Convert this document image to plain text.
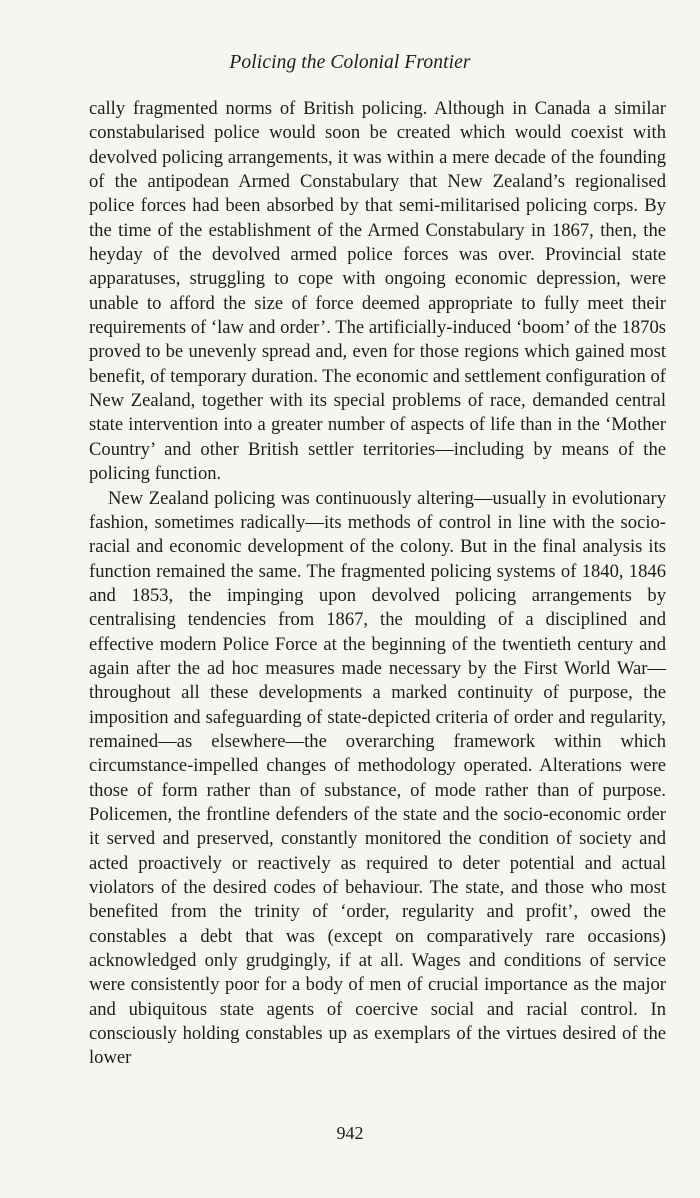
Policing the Colonial Frontier

cally fragmented norms of British policing. Although in Canada a similar constabularised police would soon be created which would coexist with devolved policing arrangements, it was within a mere decade of the founding of the antipodean Armed Constabulary that New Zealand’s regionalised police forces had been absorbed by that semi-militarised policing corps. By the time of the establishment of the Armed Constabulary in 1867, then, the heyday of the devolved armed police forces was over. Provincial state apparatuses, struggling to cope with ongoing economic depression, were unable to afford the size of force deemed appropriate to fully meet their requirements of ‘law and order’. The artificially-induced ‘boom’ of the 1870s proved to be unevenly spread and, even for those regions which gained most benefit, of temporary duration. The economic and settlement configuration of New Zealand, together with its special problems of race, demanded central state intervention into a greater number of aspects of life than in the ‘Mother Country’ and other British settler territories—including by means of the policing function.

New Zealand policing was continuously altering—usually in evolutionary fashion, sometimes radically—its methods of control in line with the socio-racial and economic development of the colony. But in the final analysis its function remained the same. The fragmented policing systems of 1840, 1846 and 1853, the impinging upon devolved policing arrangements by centralising tendencies from 1867, the moulding of a disciplined and effective modern Police Force at the beginning of the twentieth century and again after the ad hoc measures made necessary by the First World War—throughout all these developments a marked continuity of purpose, the imposition and safeguarding of state-depicted criteria of order and regularity, remained—as elsewhere—the overarching framework within which circumstance-impelled changes of methodology operated. Alterations were those of form rather than of substance, of mode rather than of purpose. Policemen, the frontline defenders of the state and the socio-economic order it served and preserved, constantly monitored the condition of society and acted proactively or reactively as required to deter potential and actual violators of the desired codes of behaviour. The state, and those who most benefited from the trinity of ‘order, regularity and profit’, owed the constables a debt that was (except on comparatively rare occasions) acknowledged only grudgingly, if at all. Wages and conditions of service were consistently poor for a body of men of crucial importance as the major and ubiquitous state agents of coercive social and racial control. In consciously holding constables up as exemplars of the virtues desired of the lower

942
